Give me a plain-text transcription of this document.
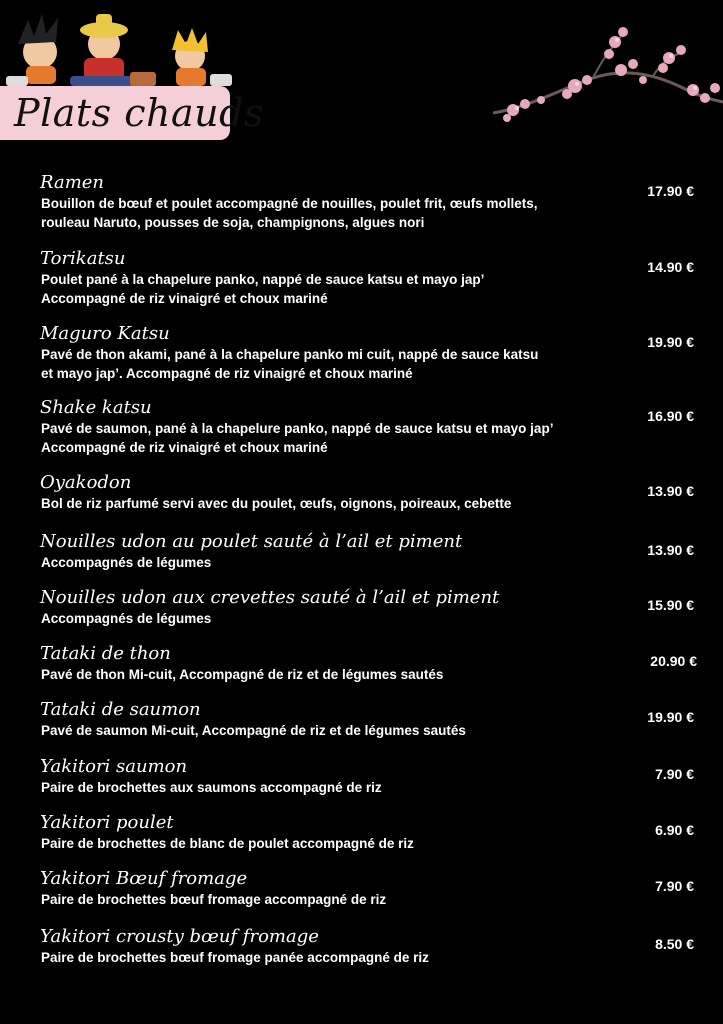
Plats chauds
Ramen
Bouillon de bœuf et poulet accompagné de nouilles, poulet frit, œufs mollets,
rouleau Naruto, pousses de soja, champignons, algues nori
17.90 €
Torikatsu
Poulet pané à la chapelure panko, nappé de sauce katsu et mayo jap’
Accompagné de riz vinaigré et choux mariné
14.90 €
Maguro Katsu
Pavé de thon akami, pané à la chapelure panko mi cuit, nappé de sauce katsu
et mayo jap’. Accompagné de riz vinaigré et choux mariné
19.90 €
Shake katsu
Pavé de saumon, pané à la chapelure panko, nappé de sauce katsu et mayo jap’
Accompagné de riz vinaigré et choux mariné
16.90 €
Oyakodon
Bol de riz parfumé servi avec du poulet, œufs, oignons, poireaux, cebette
13.90 €
Nouilles udon au poulet sauté à l’ail et piment
Accompagnés de légumes
13.90 €
Nouilles udon aux crevettes sauté à l’ail et piment
Accompagnés de légumes
15.90 €
Tataki de thon
Pavé de thon Mi-cuit, Accompagné de riz et de légumes sautés
20.90 €
Tataki de saumon
Pavé de saumon Mi-cuit, Accompagné de riz et de légumes sautés
19.90 €
Yakitori saumon
Paire de brochettes aux saumons accompagné de riz
7.90 €
Yakitori poulet
Paire de brochettes de blanc de poulet accompagné de riz
6.90 €
Yakitori Bœuf fromage
Paire de brochettes bœuf fromage accompagné de riz
7.90 €
Yakitori crousty bœuf fromage
Paire de brochettes bœuf fromage panée accompagné de riz
8.50 €
